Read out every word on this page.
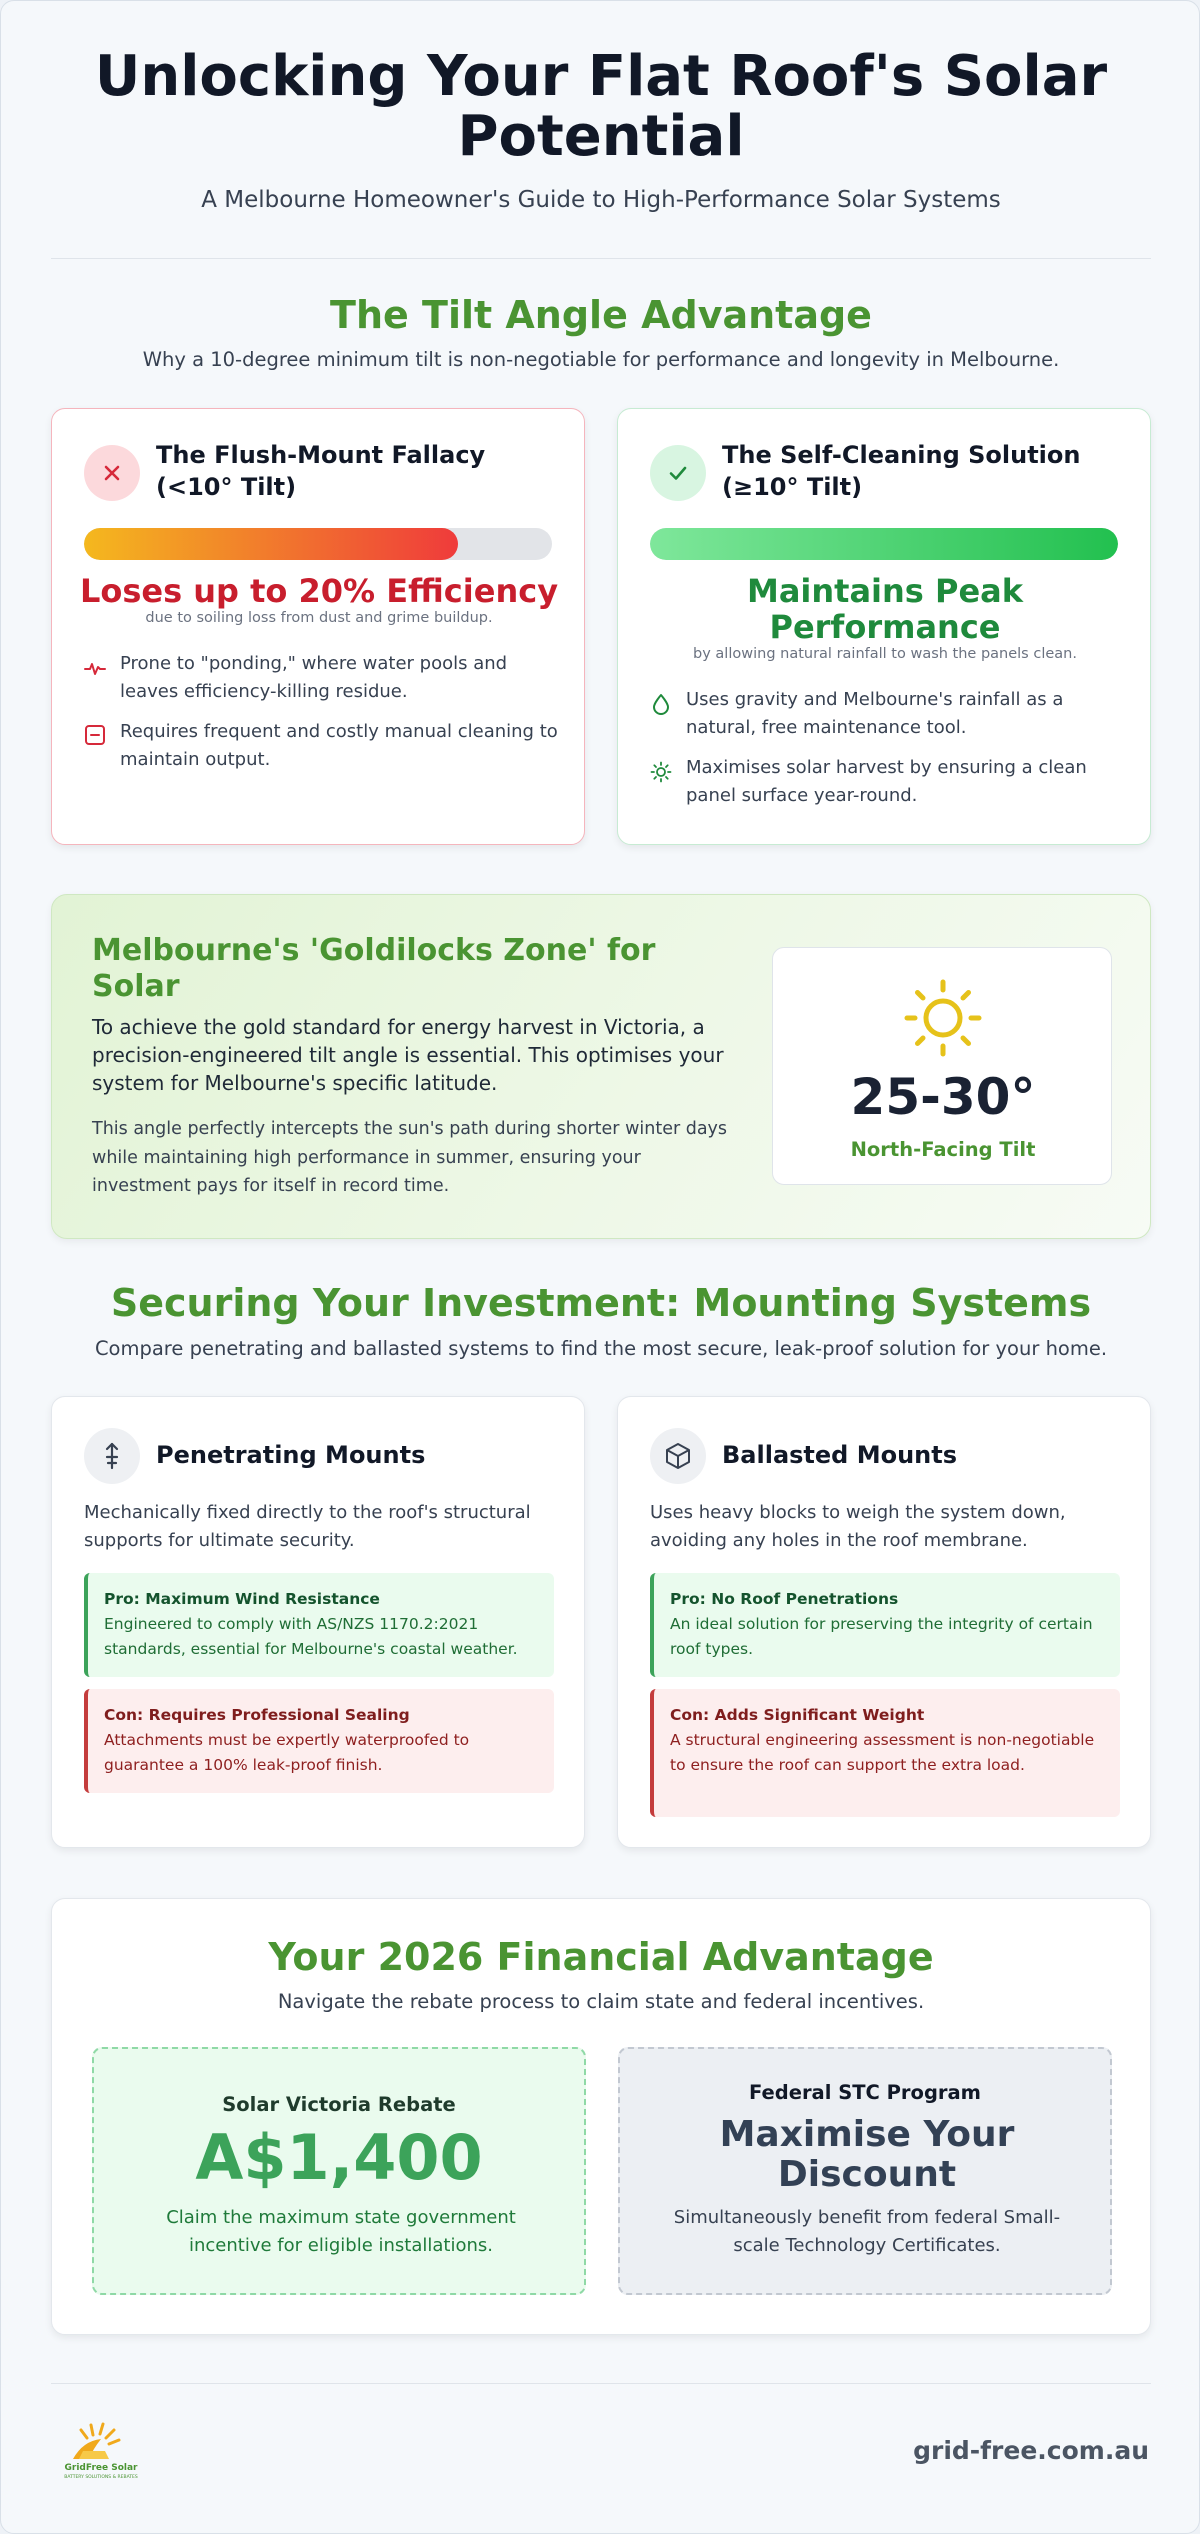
Unlocking Your Flat Roof's Solar Potential
A Melbourne Homeowner's Guide to High-Performance Solar Systems
The Tilt Angle Advantage
Why a 10-degree minimum tilt is non-negotiable for performance and longevity in Melbourne.
The Flush-Mount Fallacy
(<10° Tilt)
Loses up to 20% Efficiency
due to soiling loss from dust and grime buildup.
Prone to "ponding," where water pools and leaves efficiency-killing residue.
Requires frequent and costly manual cleaning to maintain output.
The Self-Cleaning Solution
(≥10° Tilt)
Maintains Peak Performance
by allowing natural rainfall to wash the panels clean.
Uses gravity and Melbourne's rainfall as a natural, free maintenance tool.
Maximises solar harvest by ensuring a clean panel surface year-round.
Melbourne's 'Goldilocks Zone' for Solar
To achieve the gold standard for energy harvest in Victoria, a precision-engineered tilt angle is essential. This optimises your system for Melbourne's specific latitude.
This angle perfectly intercepts the sun's path during shorter winter days while maintaining high performance in summer, ensuring your investment pays for itself in record time.
25-30°
North-Facing Tilt
Securing Your Investment: Mounting Systems
Compare penetrating and ballasted systems to find the most secure, leak-proof solution for your home.
Penetrating Mounts
Mechanically fixed directly to the roof's structural supports for ultimate security.
Pro: Maximum Wind Resistance
Engineered to comply with AS/NZS 1170.2:2021 standards, essential for Melbourne's coastal weather.
Con: Requires Professional Sealing
Attachments must be expertly waterproofed to guarantee a 100% leak-proof finish.
Ballasted Mounts
Uses heavy blocks to weigh the system down, avoiding any holes in the roof membrane.
Pro: No Roof Penetrations
An ideal solution for preserving the integrity of certain roof types.
Con: Adds Significant Weight
A structural engineering assessment is non-negotiable to ensure the roof can support the extra load.
Your 2026 Financial Advantage
Navigate the rebate process to claim state and federal incentives.
Solar Victoria Rebate
A$1,400
Claim the maximum state government incentive for eligible installations.
Federal STC Program
Maximise Your Discount
Simultaneously benefit from federal Small-scale Technology Certificates.
GridFree Solar
BATTERY SOLUTIONS & REBATES
grid-free.com.au
